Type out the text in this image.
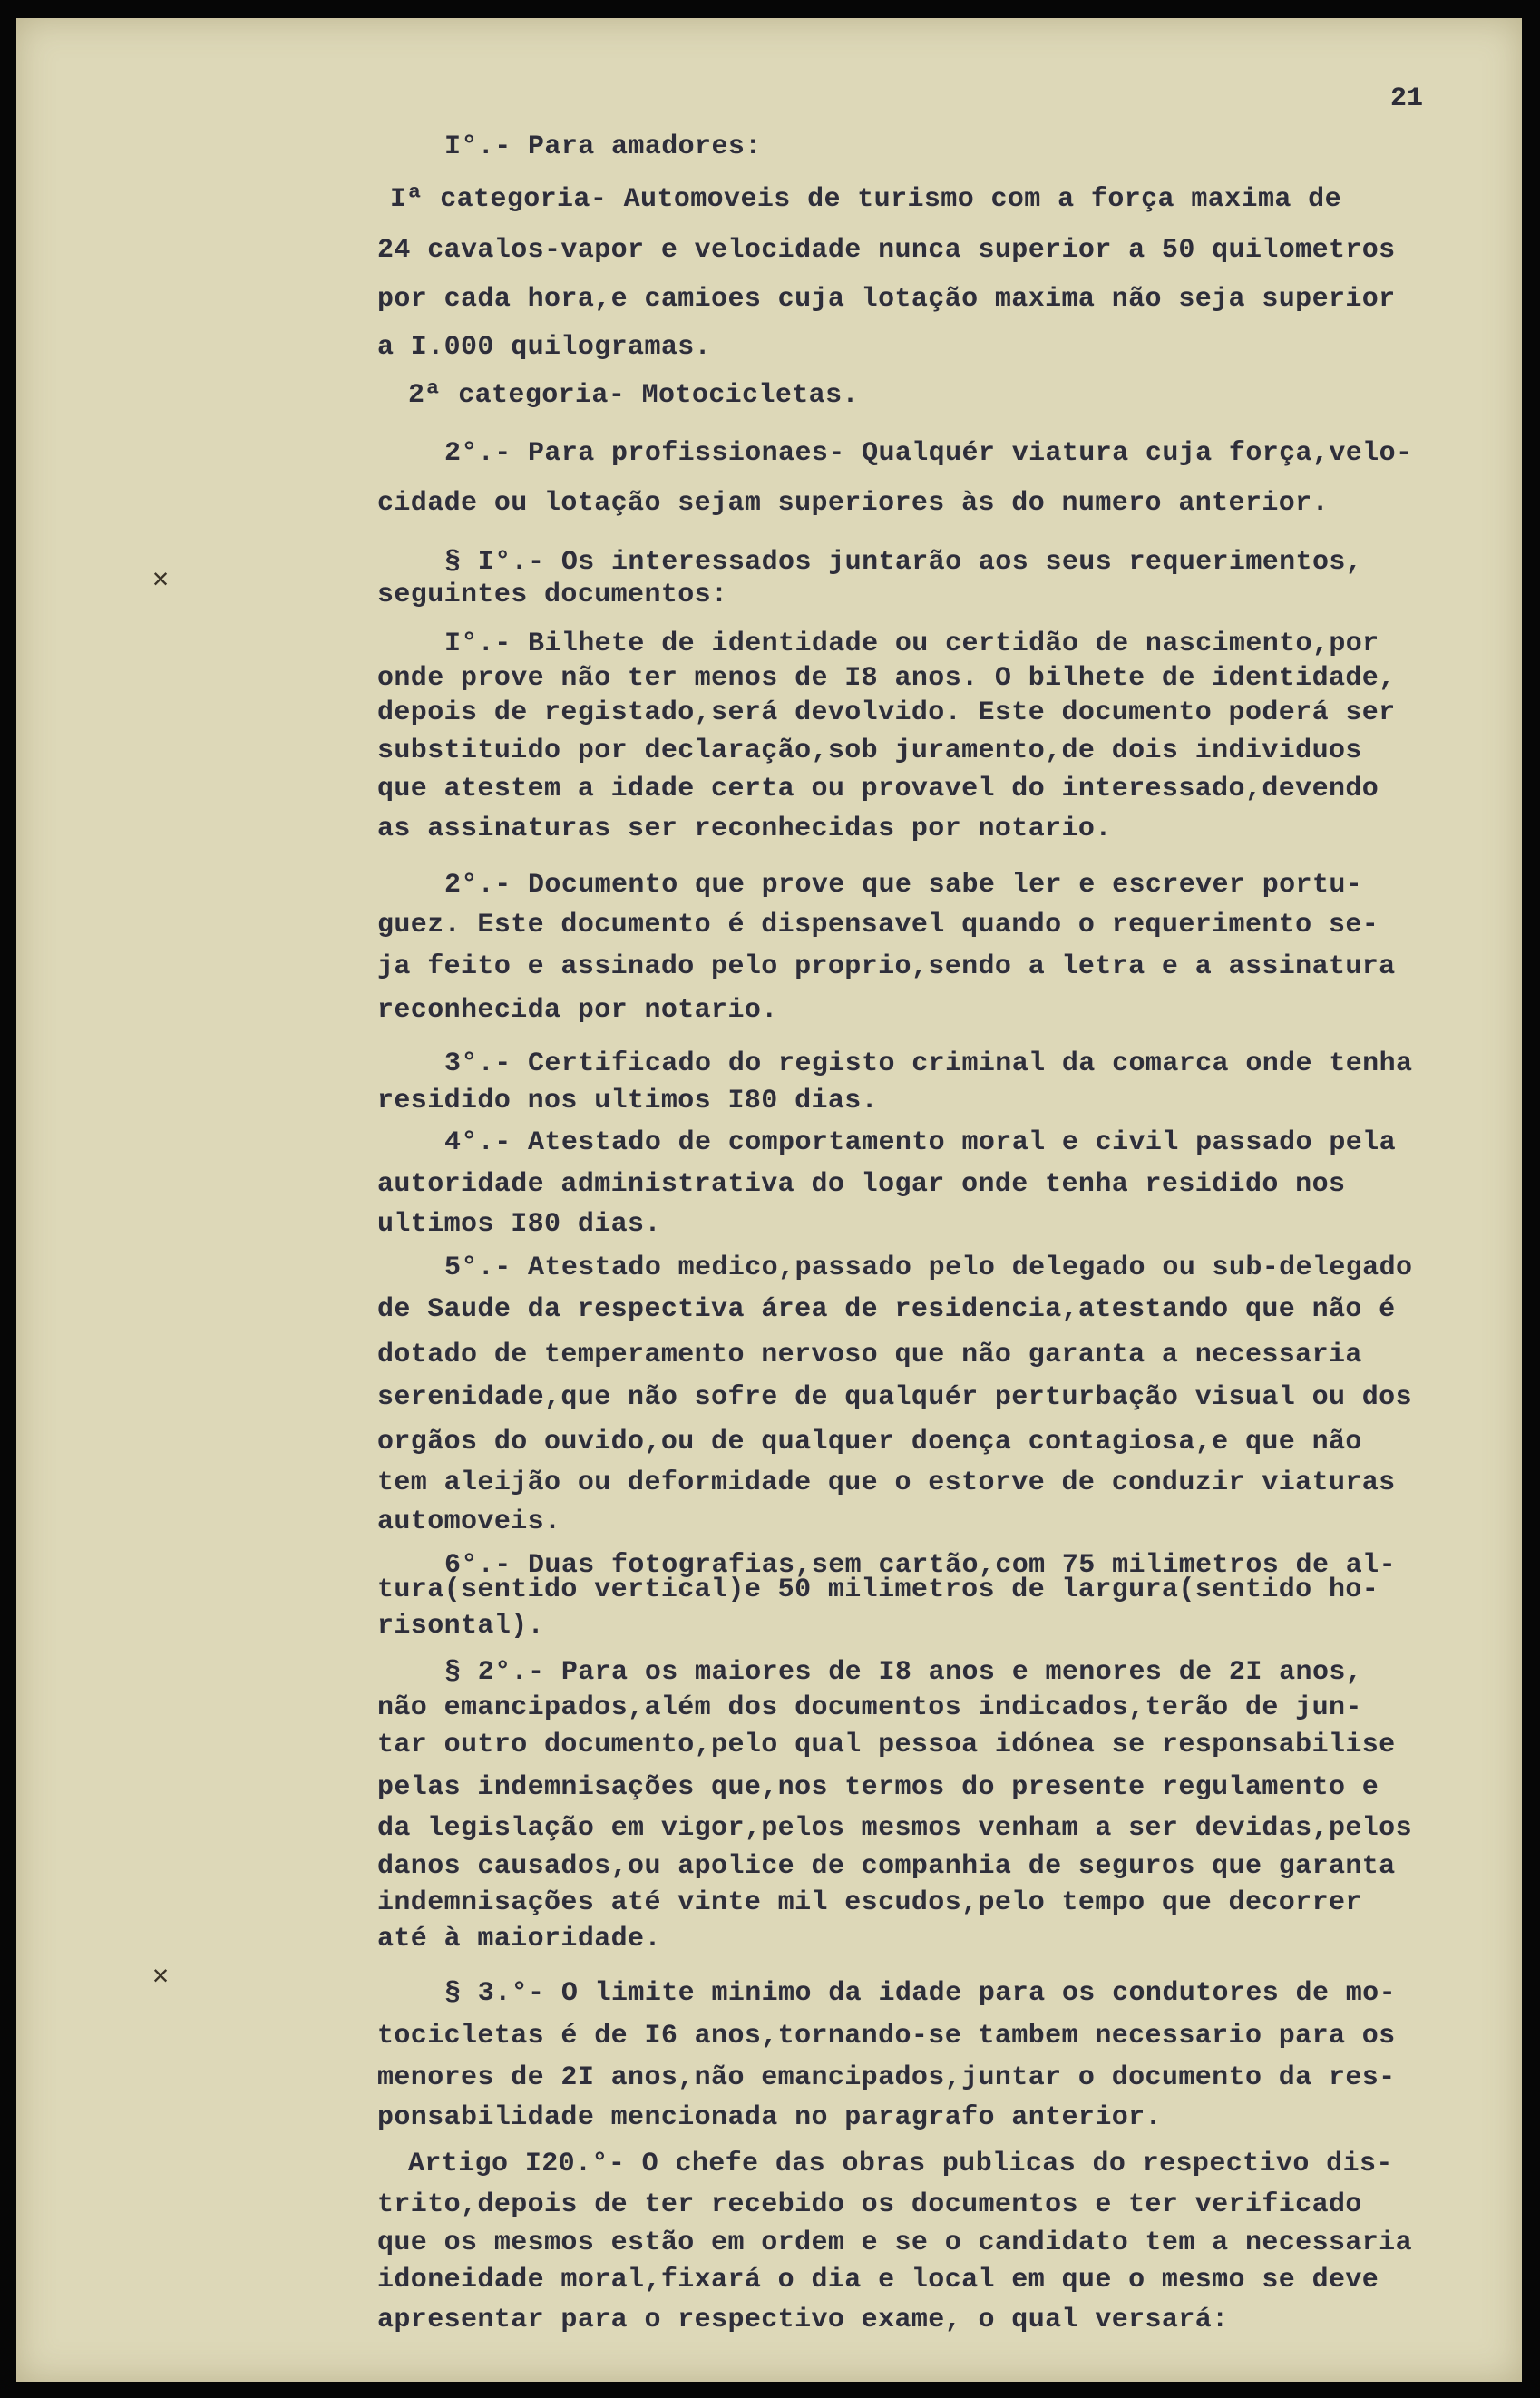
21
✕
✕

I°.- Para amadores:

Iª categoria- Automoveis de turismo com a força maxima de

24 cavalos-vapor e velocidade nunca superior a 50 quilometros

por cada hora,e camioes cuja lotação maxima não seja superior

a I.000 quilogramas.

2ª categoria- Motocicletas.

2°.- Para profissionaes- Qualquér viatura cuja força,velo-

cidade ou lotação sejam superiores às do numero anterior.

§ I°.- Os interessados juntarão aos seus requerimentos,

seguintes documentos:

I°.- Bilhete de identidade ou certidão de nascimento,por

onde prove não ter menos de I8 anos. O bilhete de identidade,

depois de registado,será devolvido. Este documento poderá ser

substituido por declaração,sob juramento,de dois individuos

que atestem a idade certa ou provavel do interessado,devendo

as assinaturas ser reconhecidas por notario.

2°.- Documento que prove que sabe ler e escrever portu-

guez. Este documento é dispensavel quando o requerimento se-

ja feito e assinado pelo proprio,sendo a letra e a assinatura

reconhecida por notario.

3°.- Certificado do registo criminal da comarca onde tenha

residido nos ultimos I80 dias.

4°.- Atestado de comportamento moral e civil passado pela

autoridade administrativa do logar onde tenha residido nos

ultimos I80 dias.

5°.- Atestado medico,passado pelo delegado ou sub-delegado

de Saude da respectiva área de residencia,atestando que não é

dotado de temperamento nervoso que não garanta a necessaria

serenidade,que não sofre de qualquér perturbação visual ou dos

orgãos do ouvido,ou de qualquer doença contagiosa,e que não

tem aleijão ou deformidade que o estorve de conduzir viaturas

automoveis.

6°.- Duas fotografias,sem cartão,com 75 milimetros de al-

tura(sentido vertical)e 50 milimetros de largura(sentido ho-

risontal).

§ 2°.- Para os maiores de I8 anos e menores de 2I anos,

não emancipados,além dos documentos indicados,terão de jun-

tar outro documento,pelo qual pessoa idónea se responsabilise

pelas indemnisações que,nos termos do presente regulamento e

da legislação em vigor,pelos mesmos venham a ser devidas,pelos

danos causados,ou apolice de companhia de seguros que garanta

indemnisações até vinte mil escudos,pelo tempo que decorrer

até à maioridade.

§ 3.°- O limite minimo da idade para os condutores de mo-

tocicletas é de I6 anos,tornando-se tambem necessario para os

menores de 2I anos,não emancipados,juntar o documento da res-

ponsabilidade mencionada no paragrafo anterior.

Artigo I20.°- O chefe das obras publicas do respectivo dis-

trito,depois de ter recebido os documentos e ter verificado

que os mesmos estão em ordem e se o candidato tem a necessaria

idoneidade moral,fixará o dia e local em que o mesmo se deve

apresentar para o respectivo exame, o qual versará:
